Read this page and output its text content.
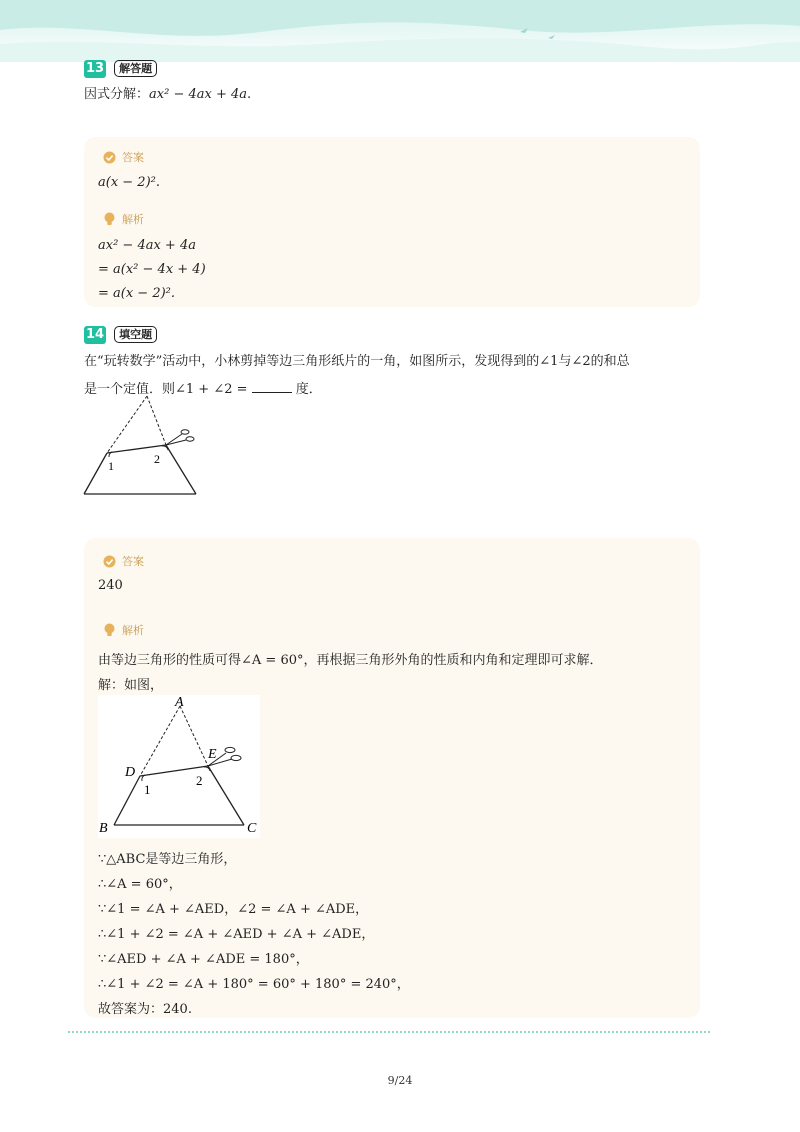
13 解答题
因式分解：ax² − 4ax + 4a.
答案
a(x − 2)².
解析
ax² − 4ax + 4a
= a(x² − 4x + 4)
= a(x − 2)².
14 填空题
在“玩转数学”活动中，小林剪掉等边三角形纸片的一角，如图所示，发现得到的∠1与∠2的和总
是一个定值．则∠1 + ∠2 =	度．
1	2
答案
240
解析
由等边三角形的性质可得∠A = 60°，再根据三角形外角的性质和内角和定理即可求解．
解：如图，
A
D
E
B	C
1
2
∵△ABC是等边三角形，
∴∠A = 60°，
∵∠1 = ∠A + ∠AED，∠2 = ∠A + ∠ADE，
∴∠1 + ∠2 = ∠A + ∠AED + ∠A + ∠ADE，
∵∠AED + ∠A + ∠ADE = 180°，
∴∠1 + ∠2 = ∠A + 180° = 60° + 180° = 240°，
故答案为：240.
9/24
